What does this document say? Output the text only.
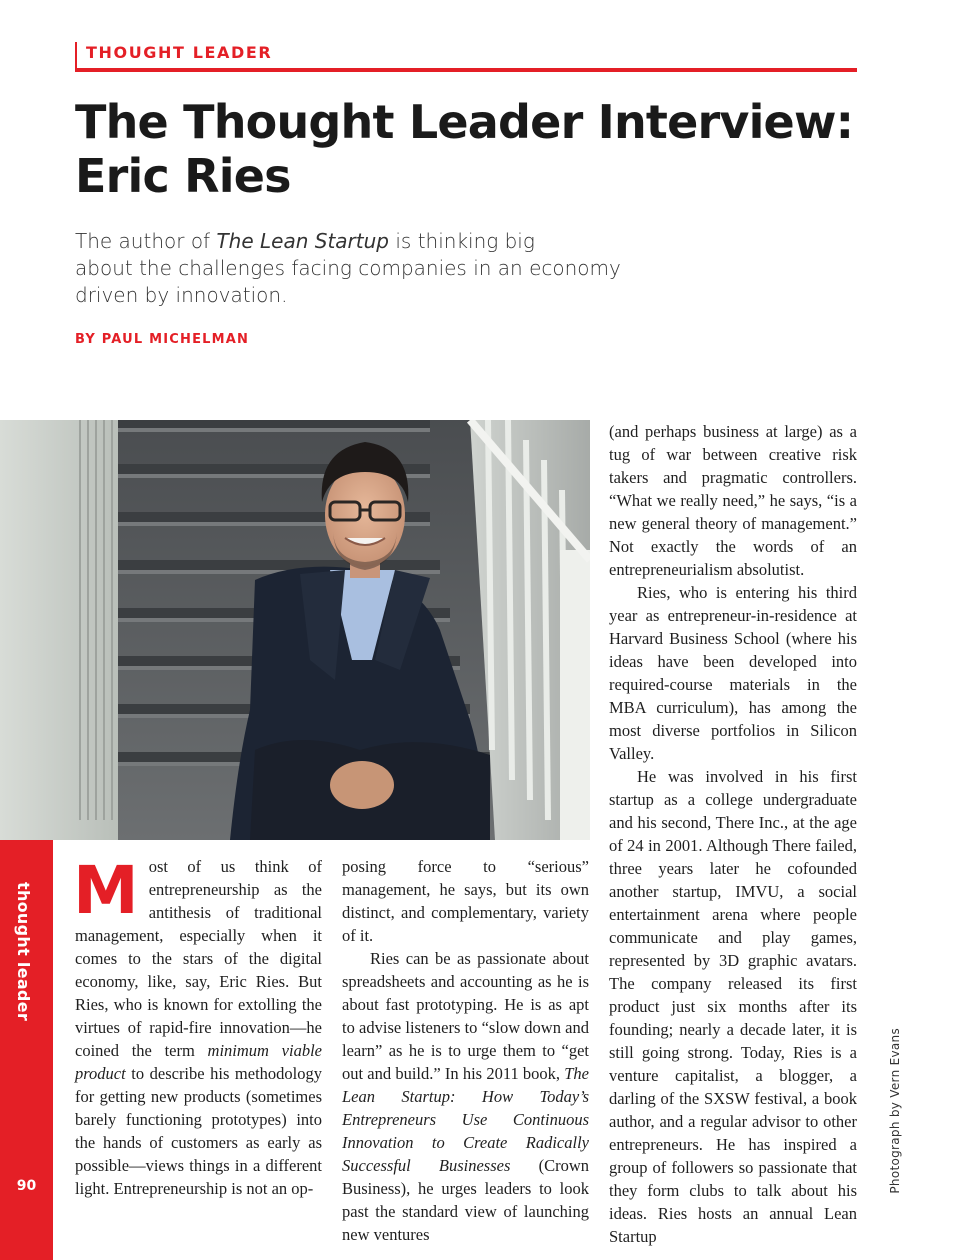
THOUGHT LEADER
The Thought Leader Interview:
Eric Ries
The author of The Lean Startup is thinking big
about the challenges facing companies in an economy
driven by innovation.
BY PAUL MICHELMAN
thought leader
90

Most of us think of entrepreneurship as the antithesis of traditional management, especially when it comes to the stars of the digital economy, like, say, Eric Ries. But Ries, who is known for extolling the virtues of rapid-fire innovation—he coined the term minimum viable product to describe his methodology for getting new products (sometimes barely functioning prototypes) into the hands of customers as early as possible—views things in a different light. Entrepreneurship is not an op-

posing force to “serious” management, he says, but its own distinct, and complementary, variety of it.

Ries can be as passionate about spreadsheets and accounting as he is about fast prototyping. He is as apt to advise listeners to “slow down and learn” as he is to urge them to “get out and build.” In his 2011 book, The Lean Startup: How Today’s Entrepreneurs Use Continuous Innovation to Create Radically Successful Businesses (Crown Business), he urges leaders to look past the standard view of launching new ventures

(and perhaps business at large) as a tug of war between creative risk takers and pragmatic controllers. “What we really need,” he says, “is a new general theory of management.” Not exactly the words of an entrepreneurialism absolutist.

Ries, who is entering his third year as entrepreneur-in-residence at Harvard Business School (where his ideas have been developed into required-course materials in the MBA curriculum), has among the most diverse portfolios in Silicon Valley.

He was involved in his first startup as a college undergraduate and his second, There Inc., at the age of 24 in 2001. Although There failed, three years later he cofounded another startup, IMVU, a social entertainment arena where people communicate and play games, represented by 3D graphic avatars. The company released its first product just six months after its founding; nearly a decade later, it is still going strong. Today, Ries is a venture capitalist, a blogger, a darling of the SXSW festival, a book author, and a regular advisor to other entrepreneurs. He has inspired a group of followers so passionate that they form clubs to talk about his ideas. Ries hosts an annual Lean Startup

Photograph by Vern Evans
